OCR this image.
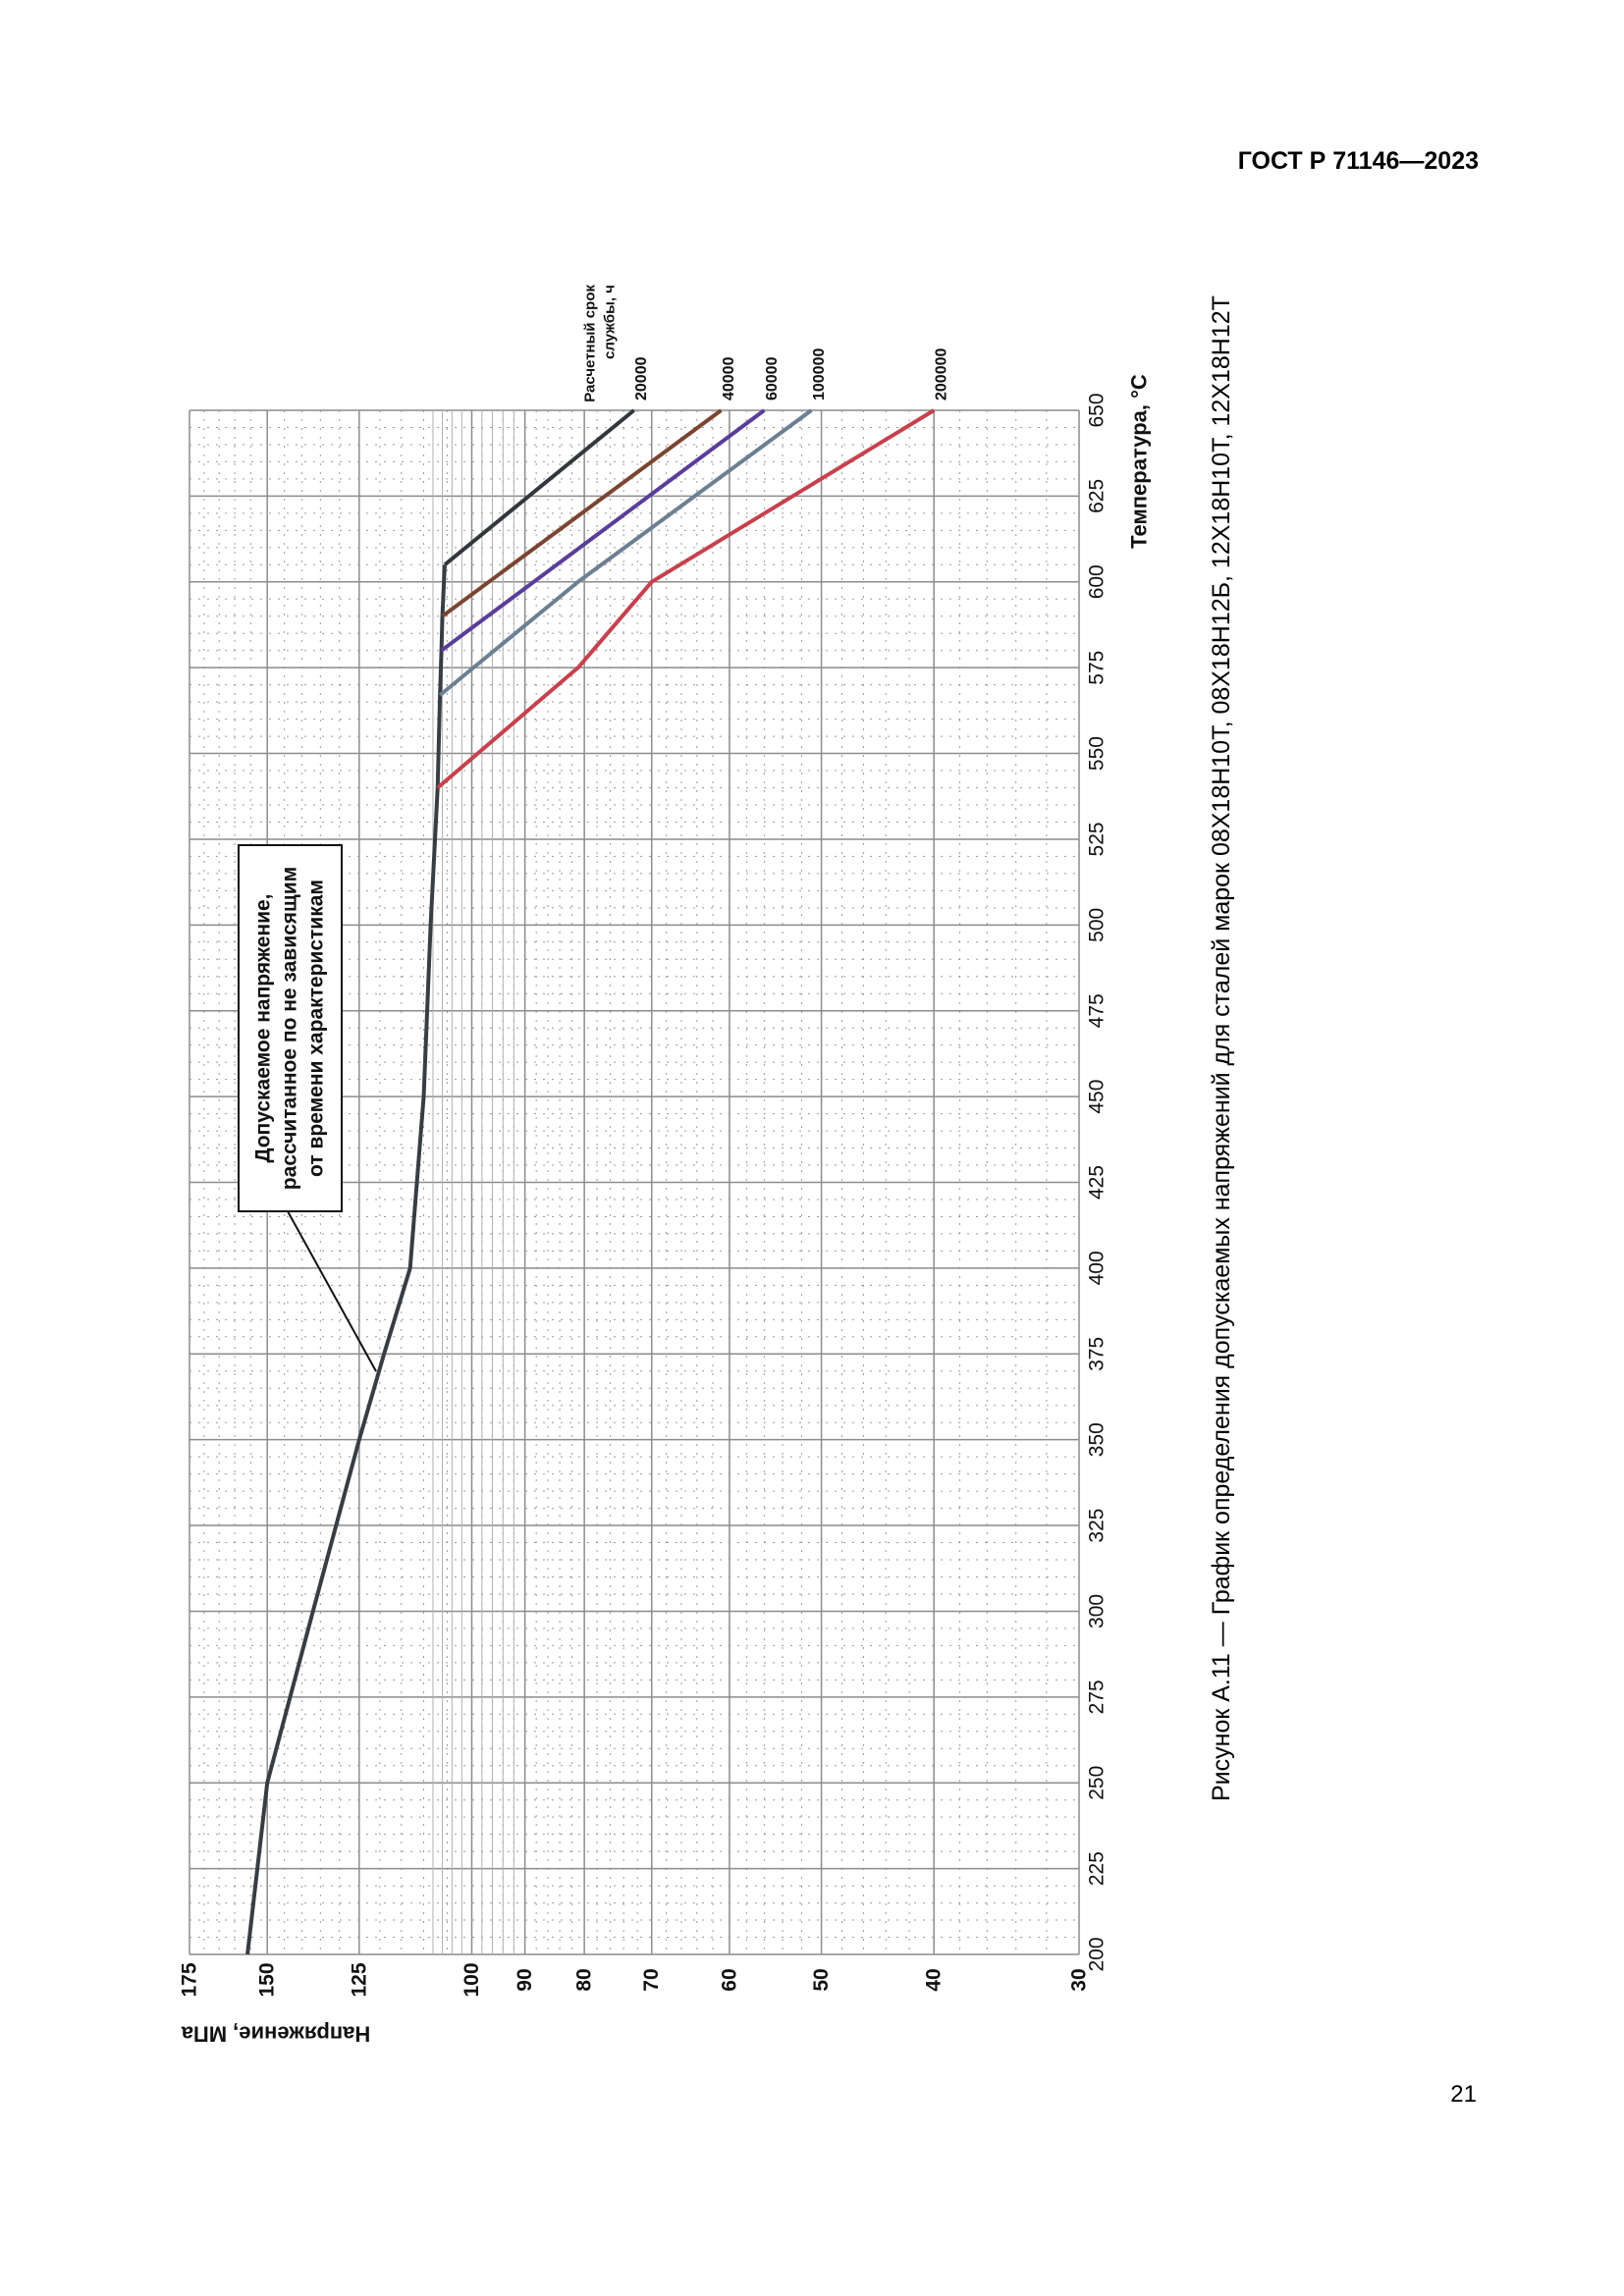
ГОСТ Р 71146—2023
200
225
250
275
300
325
350
375
400
425
450
475
500
525
550
575
600
625
650
30
40
50
60
70
80
90
100
125
150
175
Температура, °С
Напряжение, МПа
Расчетный срок службы, ч
20000	40000 60000 100000	200000
Допускаемое напряжение, рассчитанное по не зависящим от времени характеристикам	Рисунок А.11 — График определения допускаемых напряжений для сталей марок 08Х18Н10Т, 08Х18Н12Б, 12Х18Н10Т, 12Х18Н12Т
21
